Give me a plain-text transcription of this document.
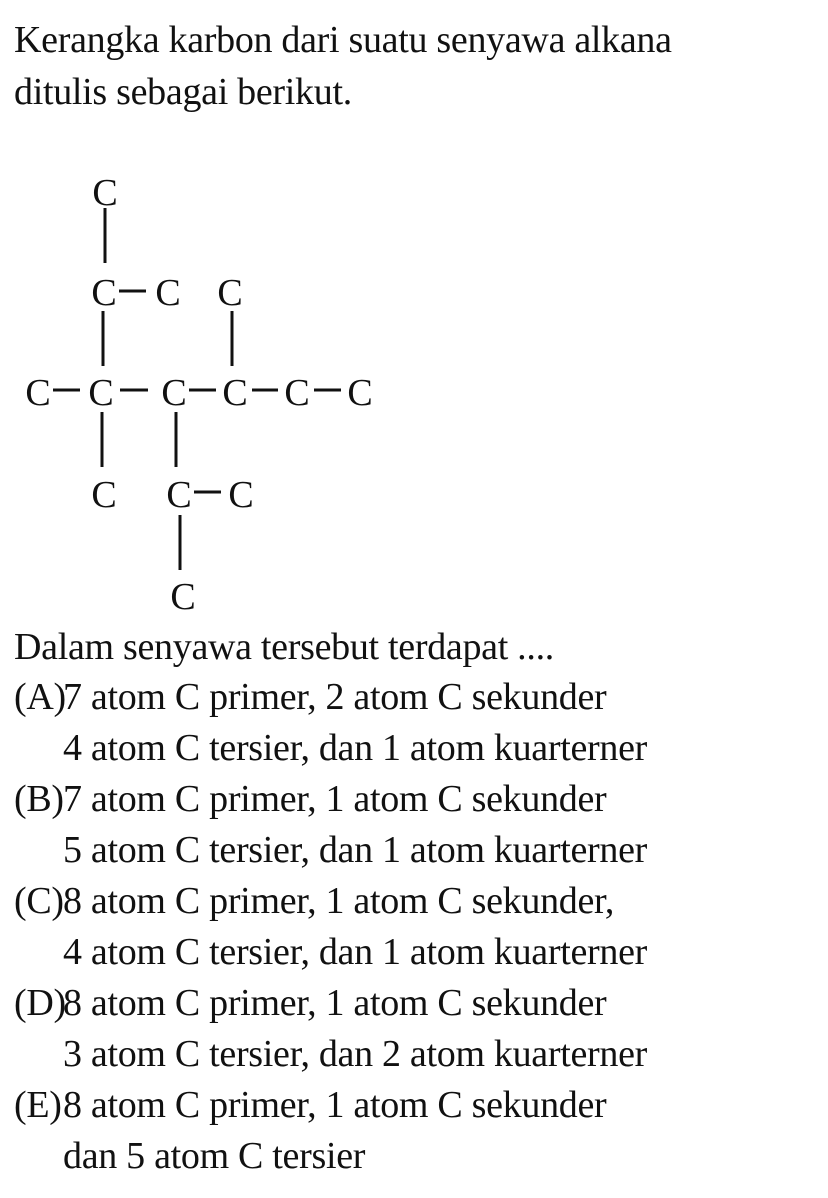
Kerangka karbon dari suatu senyawa alkana
ditulis sebagai berikut.
C
C C C
C C C C C C
C C C
C
Dalam senyawa tersebut terdapat ....
(A)
7 atom C primer, 2 atom C sekunder
4 atom C tersier, dan 1 atom kuarterner
(B) 7 atom C primer, 1 atom C sekunder
5 atom C tersier, dan 1 atom kuarterner
(C) 8 atom C primer, 1 atom C sekunder,
4 atom C tersier, dan 1 atom kuarterner
(D)
8 atom C primer, 1 atom C sekunder
3 atom C tersier, dan 2 atom kuarterner
(E) 8 atom C primer, 1 atom C sekunder
dan 5 atom C tersier
